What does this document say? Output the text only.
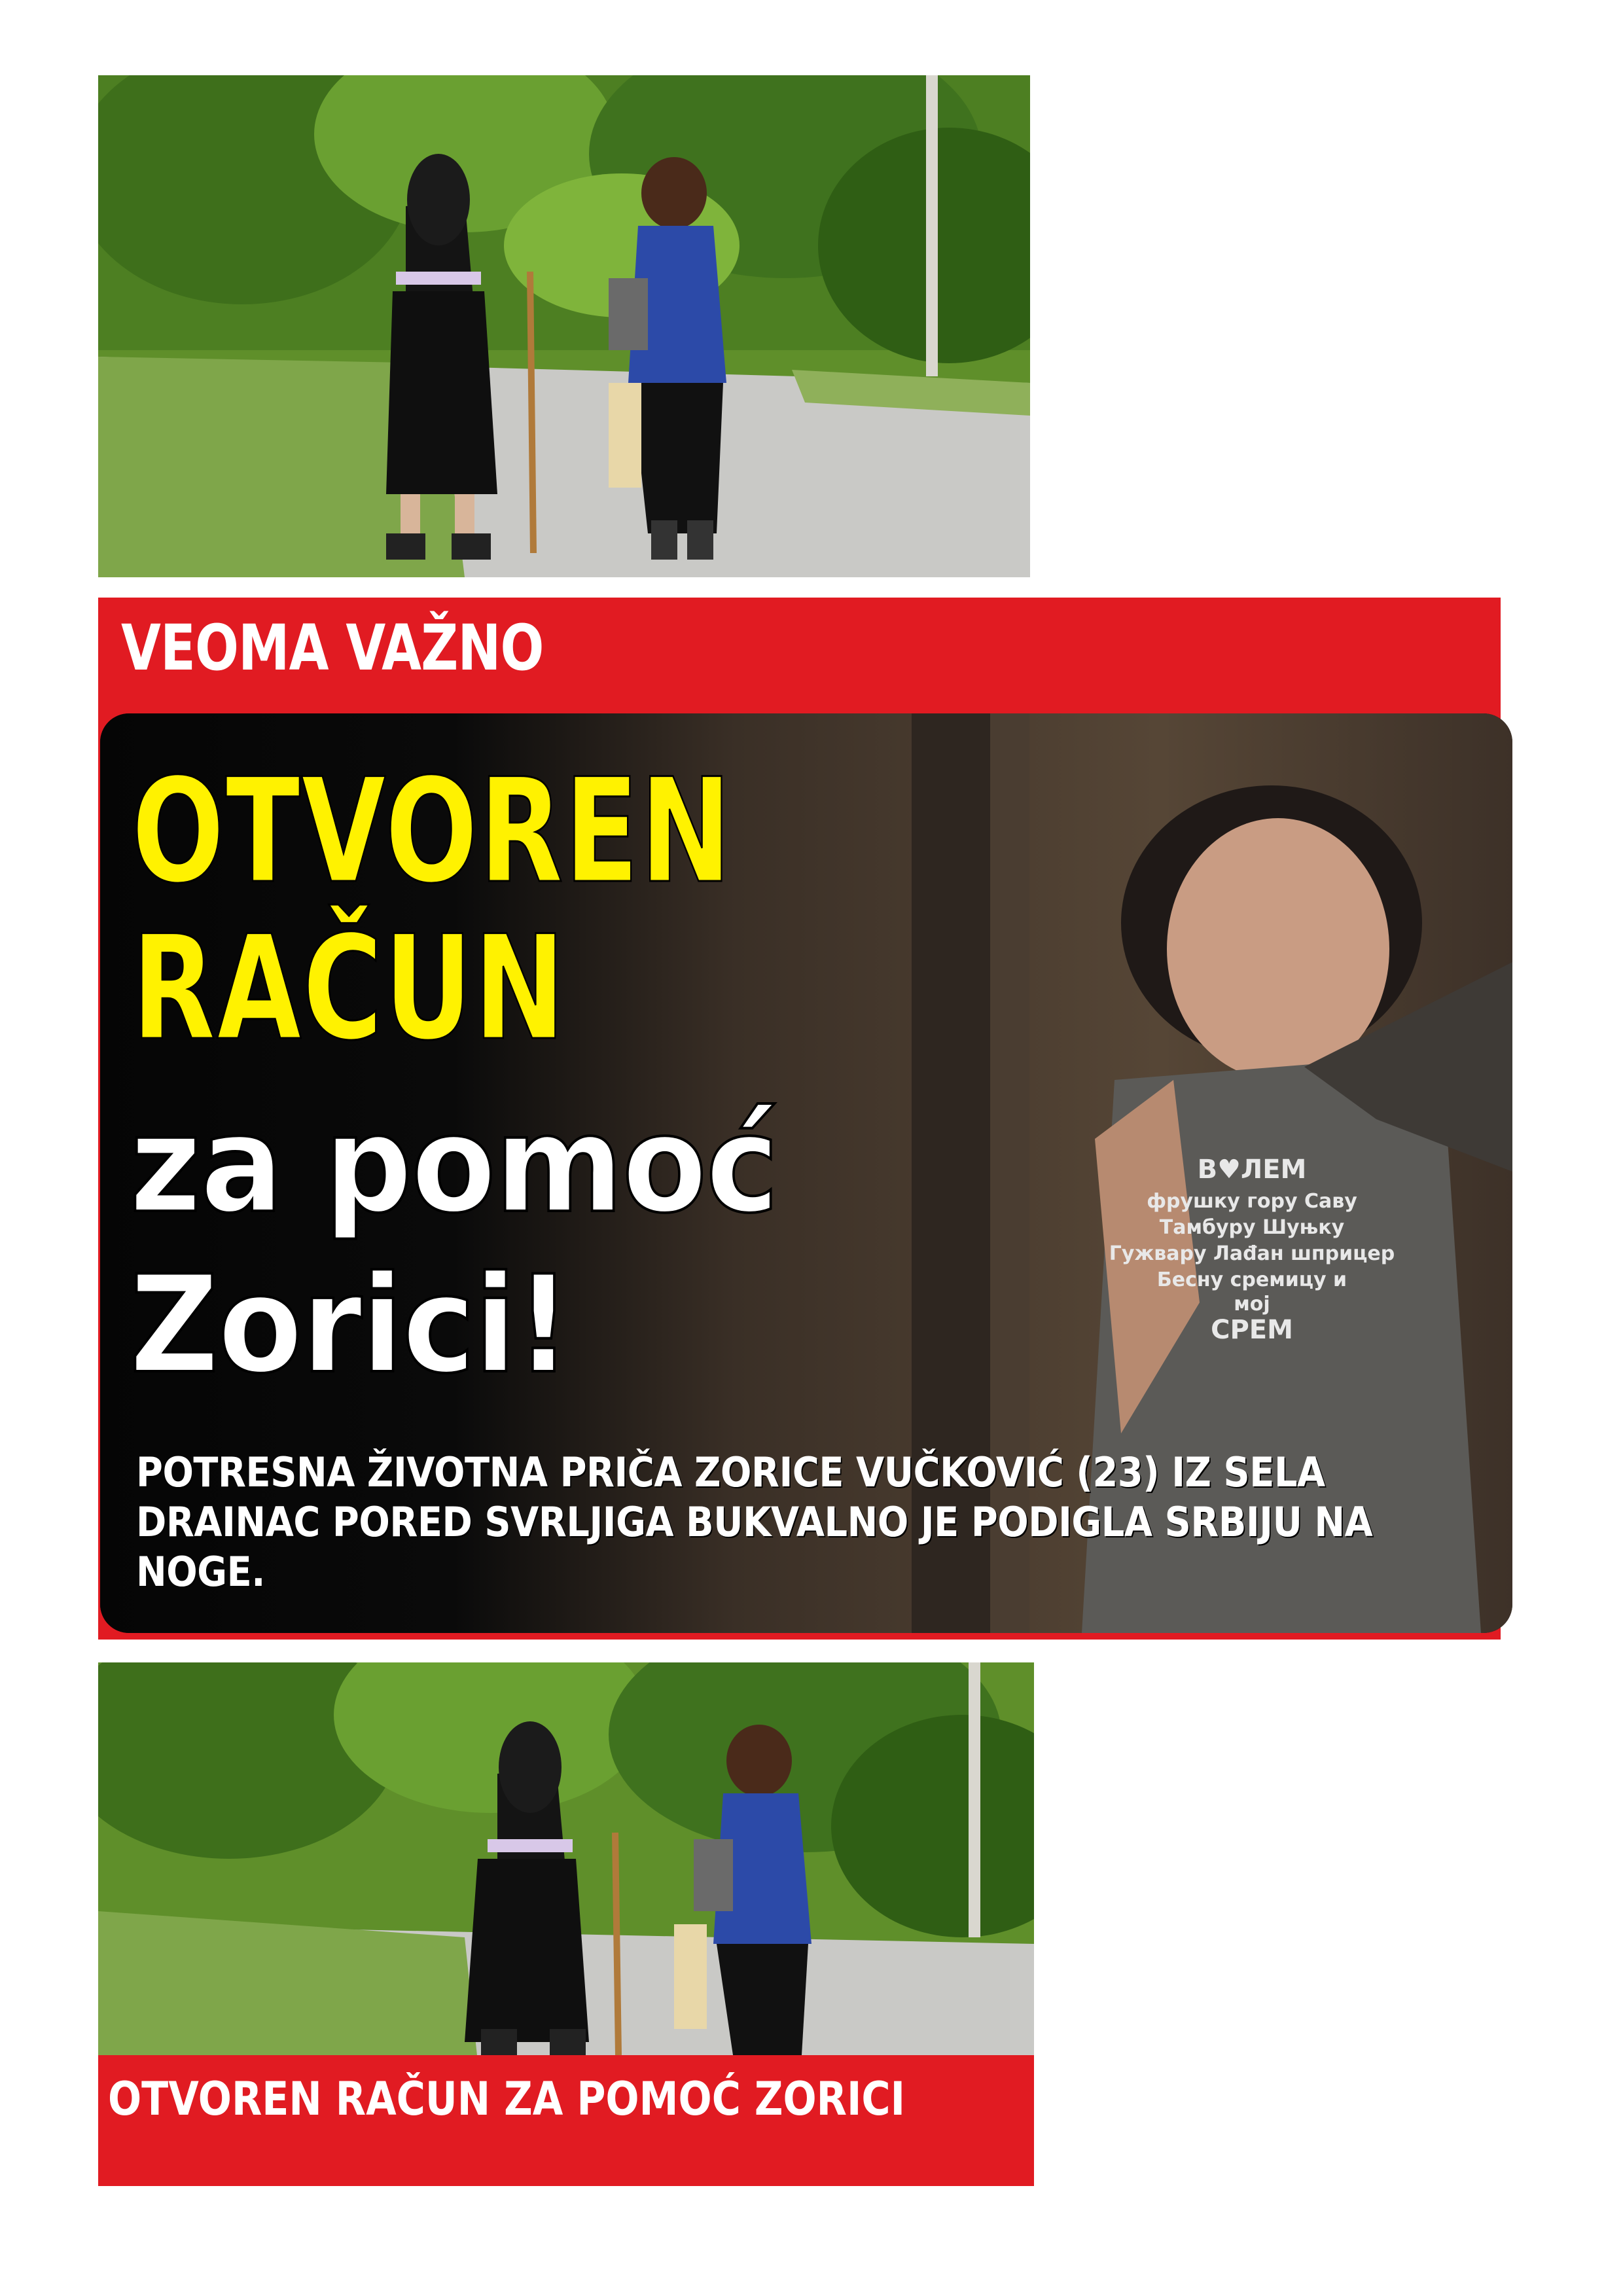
VEOMA VAŽNO
B♥ЛЕМ
фрушку гору Саву
Тамбуру Шуњку
Гужвару Лаđан шприцер
Бесну сремицу и
мој
СРЕМ
OTVOREN
RAČUN
za pomoć
Zorici!
POTRESNA ŽIVOTNA PRIČA ZORICE VUČKOVIĆ (23) IZ SELA DRAINAC PORED SVRLJIGA BUKVALNO JE PODIGLA SRBIJU NA NOGE.
OTVOREN RAČUN ZA POMOĆ ZORICI
